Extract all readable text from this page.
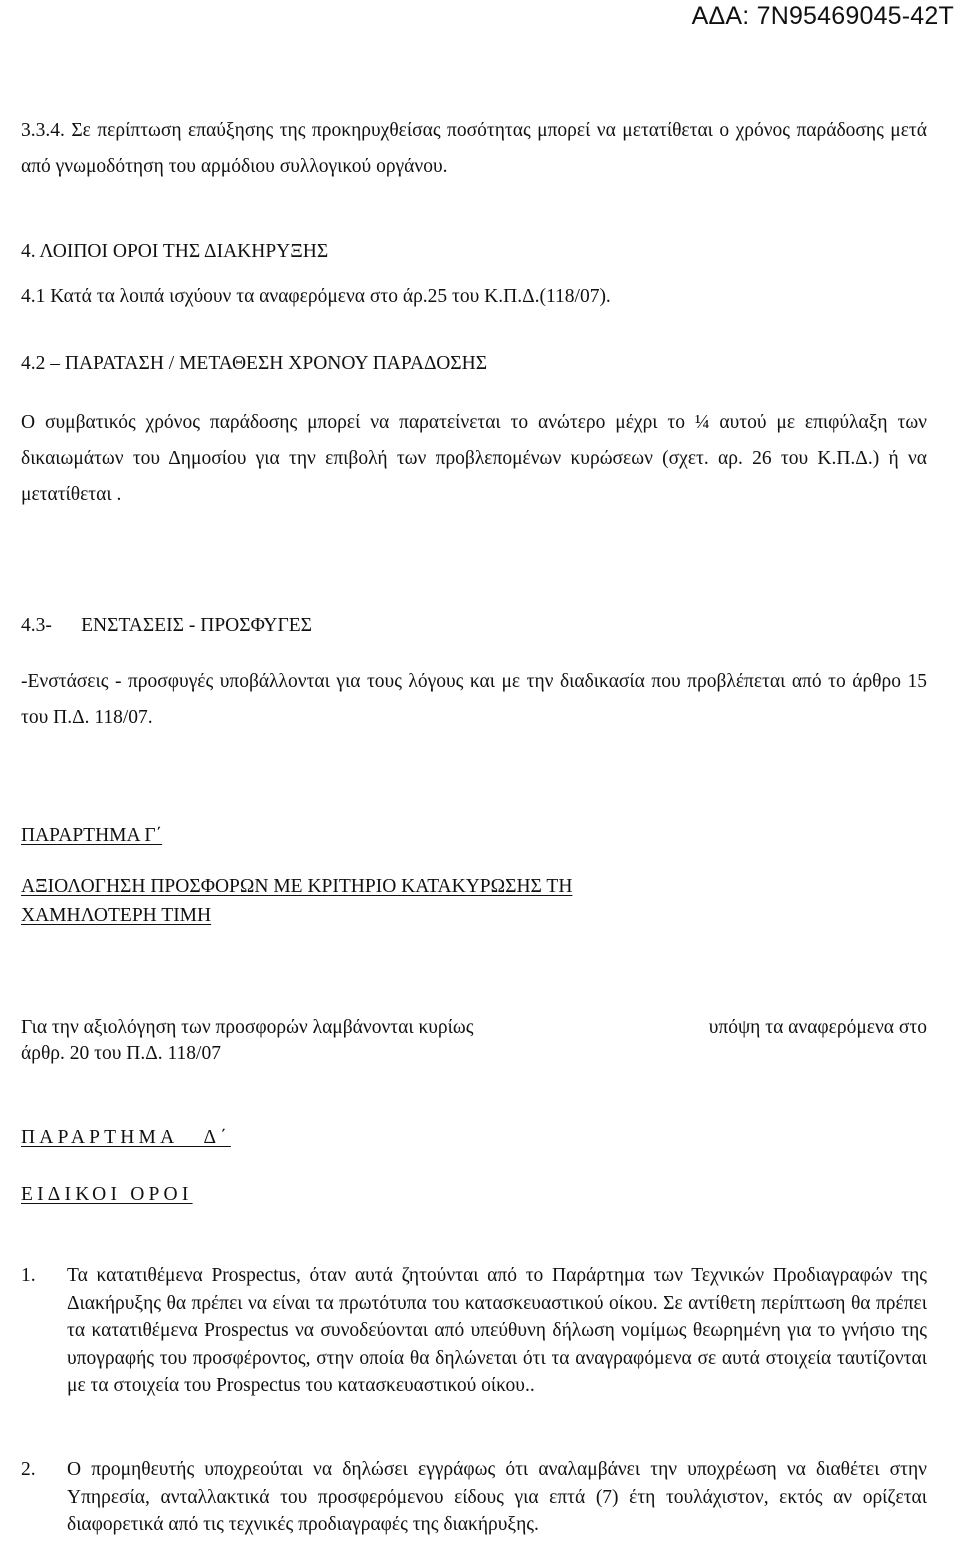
ΑΔΑ: 7Ν95469045-42Τ

3.3.4. Σε περίπτωση επαύξησης της προκηρυχθείσας ποσότητας μπορεί να μετατίθεται ο χρόνος παράδοσης μετά από γνωμοδότηση του αρμόδιου συλλογικού οργάνου.

4. ΛΟΙΠΟΙ ΟΡΟΙ ΤΗΣ ΔΙΑΚΗΡΥΞΗΣ

4.1 Κατά τα λοιπά ισχύουν τα αναφερόμενα στο άρ.25 του Κ.Π.Δ.(118/07).

4.2 – ΠΑΡΑΤΑΣΗ / ΜΕΤΑΘΕΣΗ ΧΡΟΝΟΥ ΠΑΡΑΔΟΣΗΣ

Ο συμβατικός χρόνος παράδοσης μπορεί να παρατείνεται το ανώτερο μέχρι το ¼ αυτού με επιφύλαξη των δικαιωμάτων του Δημοσίου για την επιβολή των προβλεπομένων κυρώσεων (σχετ. αρ. 26 του Κ.Π.Δ.) ή να μετατίθεται .

4.3-      ΕΝΣΤΑΣΕΙΣ - ΠΡΟΣΦΥΓΕΣ

-Ενστάσεις - προσφυγές υποβάλλονται για τους λόγους και με την διαδικασία που προβλέπεται από το άρθρο 15 του Π.Δ. 118/07.

ΠΑΡΑΡΤΗΜΑ Γ΄

ΑΞΙΟΛΟΓΗΣΗ ΠΡΟΣΦΟΡΩΝ ΜΕ ΚΡΙΤΗΡΙΟ ΚΑΤΑΚΥΡΩΣΗΣ ΤΗ

ΧΑΜΗΛΟΤΕΡΗ ΤΙΜΗ

Για την αξιολόγηση των προσφορών λαμβάνονται κυρίως	υπόψη τα αναφερόμενα στο
άρθρ. 20 του Π.Δ. 118/07

ΠΑΡΑΡΤΗΜΑ   Δ΄

ΕΙΔΙΚΟΙ ΟΡΟΙ

1.	Τα κατατιθέμενα Prospectus, όταν αυτά ζητούνται από το Παράρτημα των Τεχνικών Προδιαγραφών της Διακήρυξης θα πρέπει να είναι τα πρωτότυπα του κατασκευαστικού οίκου. Σε αντίθετη περίπτωση θα πρέπει τα κατατιθέμενα Prospectus να συνοδεύονται από υπεύθυνη δήλωση νομίμως θεωρημένη για το γνήσιο της υπογραφής του προσφέροντος, στην οποία θα δηλώνεται ότι τα αναγραφόμενα σε αυτά στοιχεία ταυτίζονται με τα στοιχεία του Prospectus του κατασκευαστικού οίκου..
2.	Ο προμηθευτής υποχρεούται να δηλώσει εγγράφως ότι αναλαμβάνει την υποχρέωση να διαθέτει στην Υπηρεσία, ανταλλακτικά του προσφερόμενου είδους για επτά (7) έτη τουλάχιστον, εκτός αν ορίζεται διαφορετικά από τις τεχνικές προδιαγραφές της διακήρυξης.
